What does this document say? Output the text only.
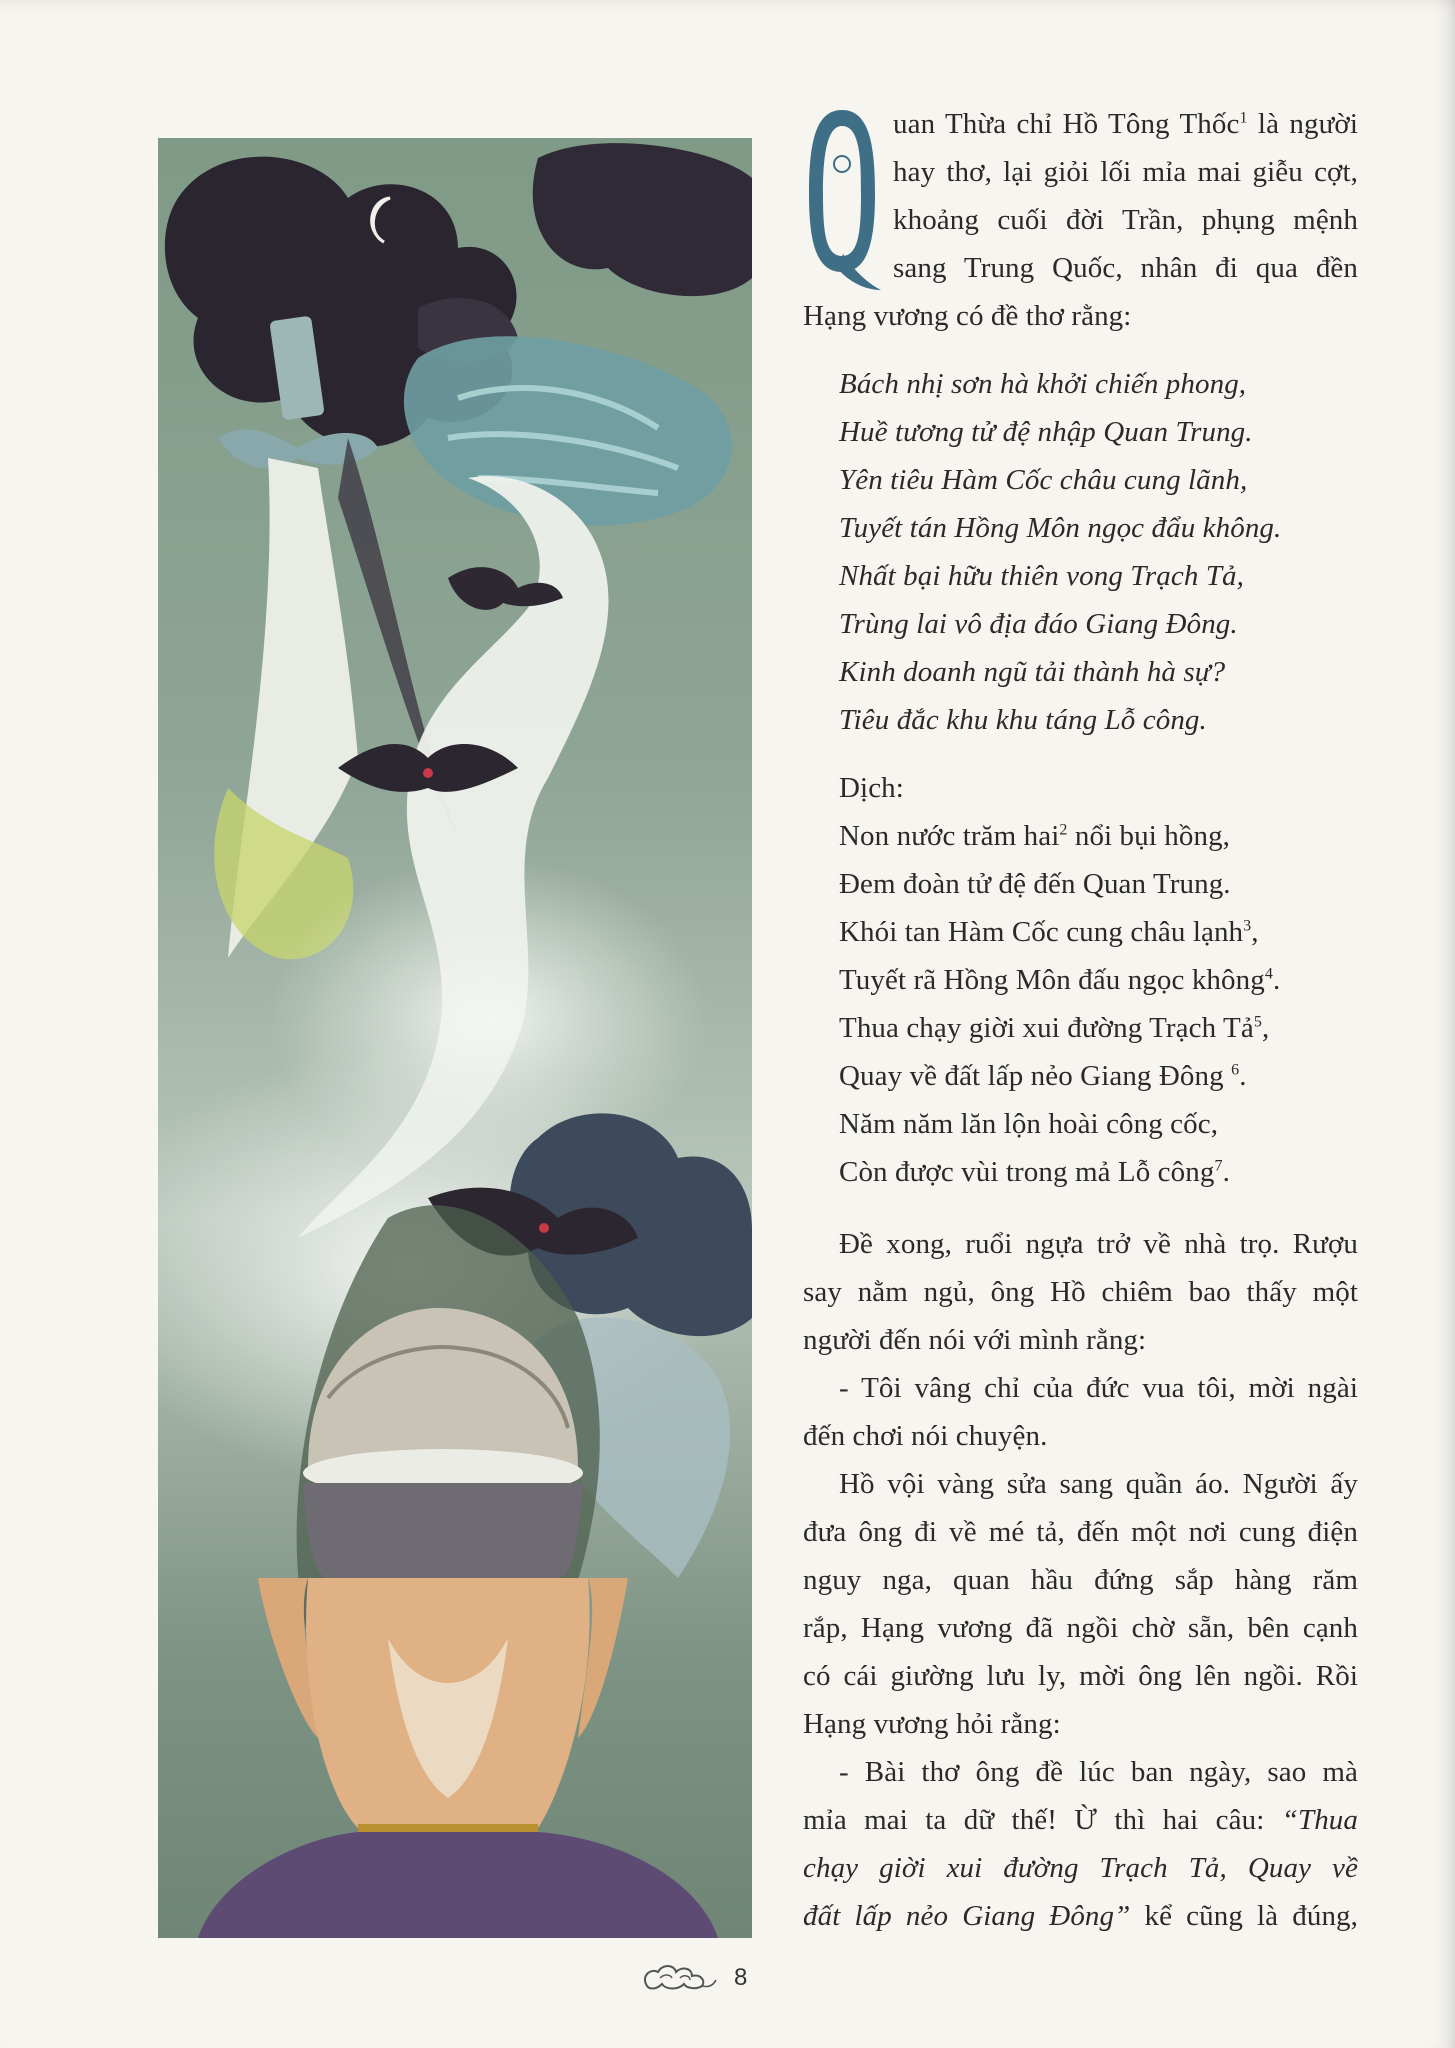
uan Thừa chỉ Hồ Tông Thốc$^1$ là người
hay thơ, lại giỏi lối mỉa mai giễu cợt,
khoảng cuối đời Trần, phụng mệnh
sang Trung Quốc, nhân đi qua đền
Hạng vương có đề thơ rằng:
Bách nhị sơn hà khởi chiến phong,
Huề tương tử đệ nhập Quan Trung.
Yên tiêu Hàm Cốc châu cung lãnh,
Tuyết tán Hồng Môn ngọc đẩu không.
Nhất bại hữu thiên vong Trạch Tả,
Trùng lai vô địa đáo Giang Đông.
Kinh doanh ngũ tải thành hà sự?
Tiêu đắc khu khu táng Lỗ công.
Dịch:
Non nước trăm hai$^2$ nổi bụi hồng,
Đem đoàn tử đệ đến Quan Trung.
Khói tan Hàm Cốc cung châu lạnh$^3$,
Tuyết rã Hồng Môn đấu ngọc không$^4$.
Thua chạy giời xui đường Trạch Tả$^5$,
Quay về đất lấp nẻo Giang Đông $^6$.
Năm năm lăn lộn hoài công cốc,
Còn được vùi trong mả Lỗ công$^7$.
Đề xong, ruổi ngựa trở về nhà trọ. Rượu
say nằm ngủ, ông Hồ chiêm bao thấy một
người đến nói với mình rằng:
- Tôi vâng chỉ của đức vua tôi, mời ngài
đến chơi nói chuyện.
Hồ vội vàng sửa sang quần áo. Người ấy
đưa ông đi về mé tả, đến một nơi cung điện
nguy nga, quan hầu đứng sắp hàng răm
rắp, Hạng vương đã ngồi chờ sẵn, bên cạnh
có cái giường lưu ly, mời ông lên ngồi. Rồi
Hạng vương hỏi rằng:
- Bài thơ ông đề lúc ban ngày, sao mà
mỉa mai ta dữ thế! Ừ thì hai câu: “Thua
chạy giời xui đường Trạch Tả, Quay về
đất lấp nẻo Giang Đông” kể cũng là đúng,
8
